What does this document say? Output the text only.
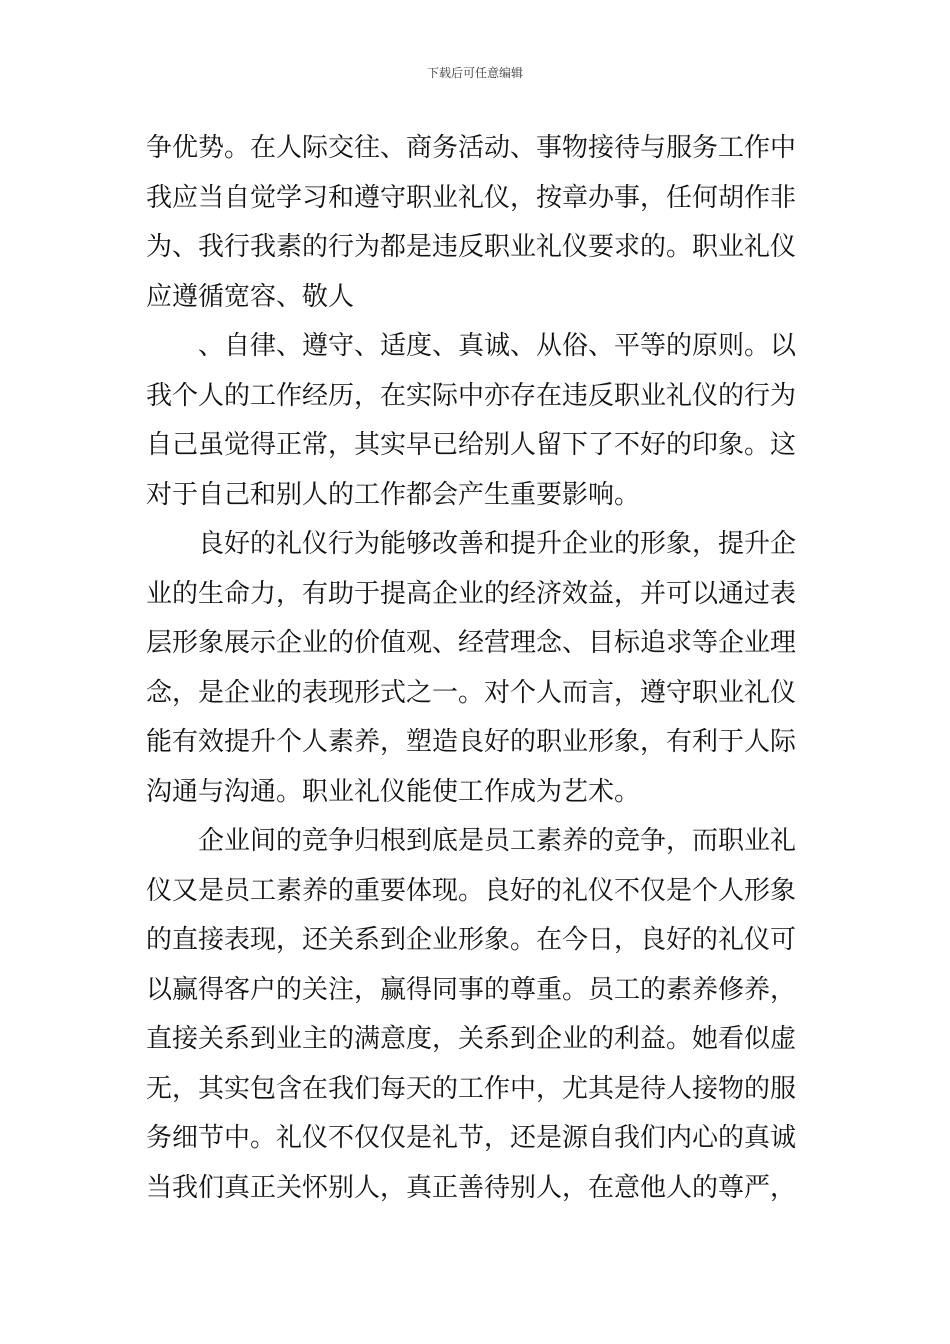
下载后可任意编辑
争优势。在人际交往、商务活动、事物接待与服务工作中
我应当自觉学习和遵守职业礼仪，按章办事，任何胡作非
为、我行我素的行为都是违反职业礼仪要求的。职业礼仪
应遵循宽容、敬人
、自律、遵守、适度、真诚、从俗、平等的原则。以
我个人的工作经历，在实际中亦存在违反职业礼仪的行为
自己虽觉得正常，其实早已给别人留下了不好的印象。这
对于自己和别人的工作都会产生重要影响。
良好的礼仪行为能够改善和提升企业的形象，提升企
业的生命力，有助于提高企业的经济效益，并可以通过表
层形象展示企业的价值观、经营理念、目标追求等企业理
念，是企业的表现形式之一。对个人而言，遵守职业礼仪
能有效提升个人素养，塑造良好的职业形象，有利于人际
沟通与沟通。职业礼仪能使工作成为艺术。
企业间的竞争归根到底是员工素养的竞争，而职业礼
仪又是员工素养的重要体现。良好的礼仪不仅是个人形象
的直接表现，还关系到企业形象。在今日，良好的礼仪可
以赢得客户的关注，赢得同事的尊重。员工的素养修养，
直接关系到业主的满意度，关系到企业的利益。她看似虚
无，其实包含在我们每天的工作中，尤其是待人接物的服
务细节中。礼仪不仅仅是礼节，还是源自我们内心的真诚
当我们真正关怀别人，真正善待别人，在意他人的尊严，
